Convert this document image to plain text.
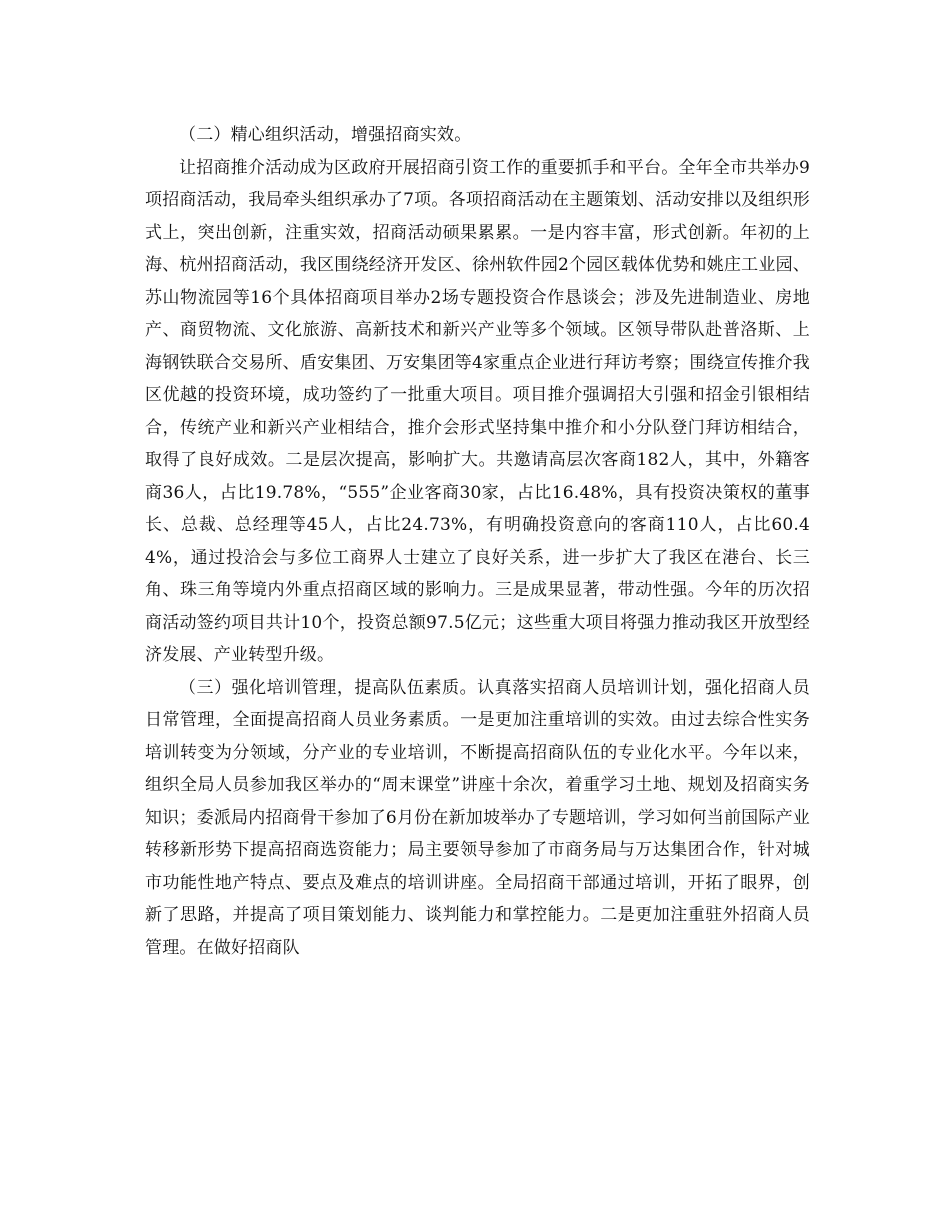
（二）精心组织活动，增强招商实效。

让招商推介活动成为区政府开展招商引资工作的重要抓手和平台。全年全市共举办9项招商活动，我局牵头组织承办了7项。各项招商活动在主题策划、活动安排以及组织形式上，突出创新，注重实效，招商活动硕果累累。一是内容丰富，形式创新。年初的上海、杭州招商活动，我区围绕经济开发区、徐州软件园2个园区载体优势和姚庄工业园、苏山物流园等16个具体招商项目举办2场专题投资合作恳谈会；涉及先进制造业、房地产、商贸物流、文化旅游、高新技术和新兴产业等多个领域。区领导带队赴普洛斯、上海钢铁联合交易所、盾安集团、万安集团等4家重点企业进行拜访考察；围绕宣传推介我区优越的投资环境，成功签约了一批重大项目。项目推介强调招大引强和招金引银相结合，传统产业和新兴产业相结合，推介会形式坚持集中推介和小分队登门拜访相结合，取得了良好成效。二是层次提高，影响扩大。共邀请高层次客商182人，其中，外籍客商36人，占比19.78%，“555”企业客商30家，占比16.48%，具有投资决策权的董事长、总裁、总经理等45人，占比24.73%，有明确投资意向的客商110人，占比60.44%，通过投洽会与多位工商界人士建立了良好关系，进一步扩大了我区在港台、长三角、珠三角等境内外重点招商区域的影响力。三是成果显著，带动性强。今年的历次招商活动签约项目共计10个，投资总额97.5亿元；这些重大项目将强力推动我区开放型经济发展、产业转型升级。

（三）强化培训管理，提高队伍素质。认真落实招商人员培训计划，强化招商人员日常管理，全面提高招商人员业务素质。一是更加注重培训的实效。由过去综合性实务培训转变为分领域，分产业的专业培训，不断提高招商队伍的专业化水平。今年以来，组织全局人员参加我区举办的“周末课堂”讲座十余次，着重学习土地、规划及招商实务知识；委派局内招商骨干参加了6月份在新加坡举办了专题培训，学习如何当前国际产业转移新形势下提高招商选资能力；局主要领导参加了市商务局与万达集团合作，针对城市功能性地产特点、要点及难点的培训讲座。全局招商干部通过培训，开拓了眼界，创新了思路，并提高了项目策划能力、谈判能力和掌控能力。二是更加注重驻外招商人员管理。在做好招商队
